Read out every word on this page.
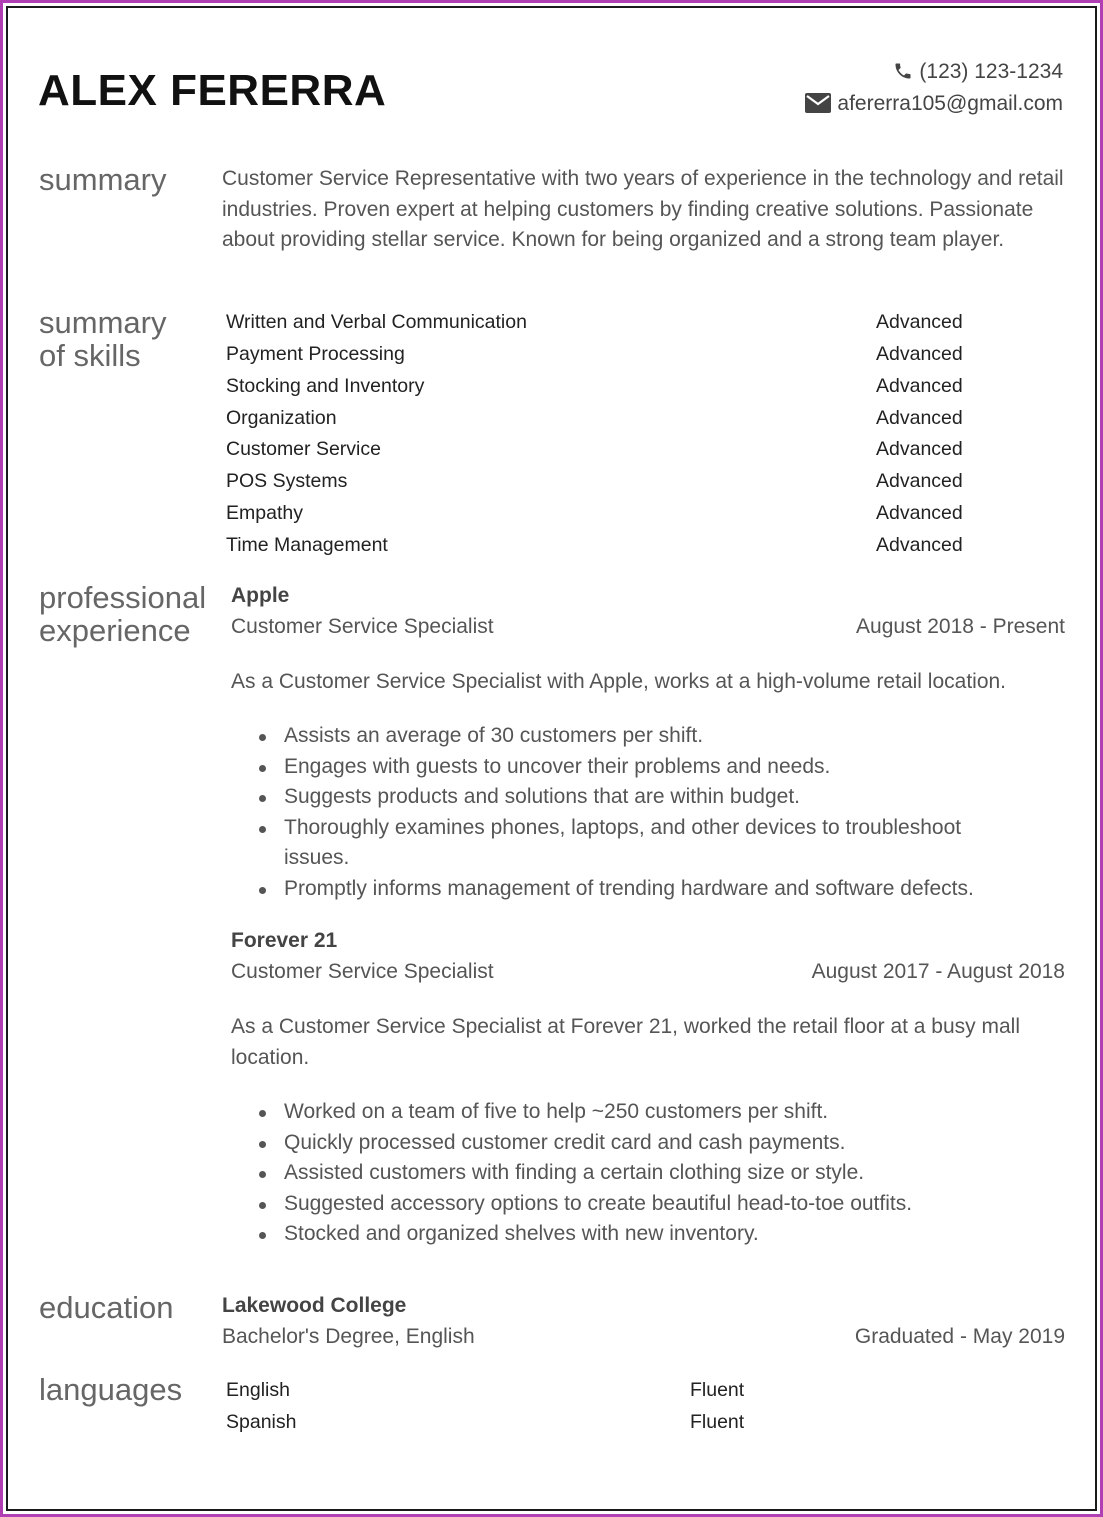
ALEX FERERRA	(123) 123-1234
afererra105@gmail.com
summary	Customer Service Representative with two years of experience in the technology and retail industries. Proven expert at helping customers by finding creative solutions. Passionate about providing stellar service. Known for being organized and a strong team player.
summary
of skills
Written and Verbal Communication	Advanced
Payment Processing	Advanced
Stocking and Inventory	Advanced
Organization	Advanced
Customer Service	Advanced
POS Systems	Advanced
Empathy	Advanced
Time Management	Advanced
professional
experience
Apple
Customer Service Specialist	August 2018 - Present
As a Customer Service Specialist with Apple, works at a high-volume retail location.
Assists an average of 30 customers per shift.
Engages with guests to uncover their problems and needs.
Suggests products and solutions that are within budget.
Thoroughly examines phones, laptops, and other devices to troubleshoot issues.
Promptly informs management of trending hardware and software defects.
Forever 21
Customer Service Specialist	August 2017 - August 2018
As a Customer Service Specialist at Forever 21, worked the retail floor at a busy mall location.
Worked on a team of five to help ~250 customers per shift.
Quickly processed customer credit card and cash payments.
Assisted customers with finding a certain clothing size or style.
Suggested accessory options to create beautiful head-to-toe outfits.
Stocked and organized shelves with new inventory.
education Lakewood College
Bachelor's Degree, English	Graduated - May 2019
languages English	Fluent
Spanish	Fluent
